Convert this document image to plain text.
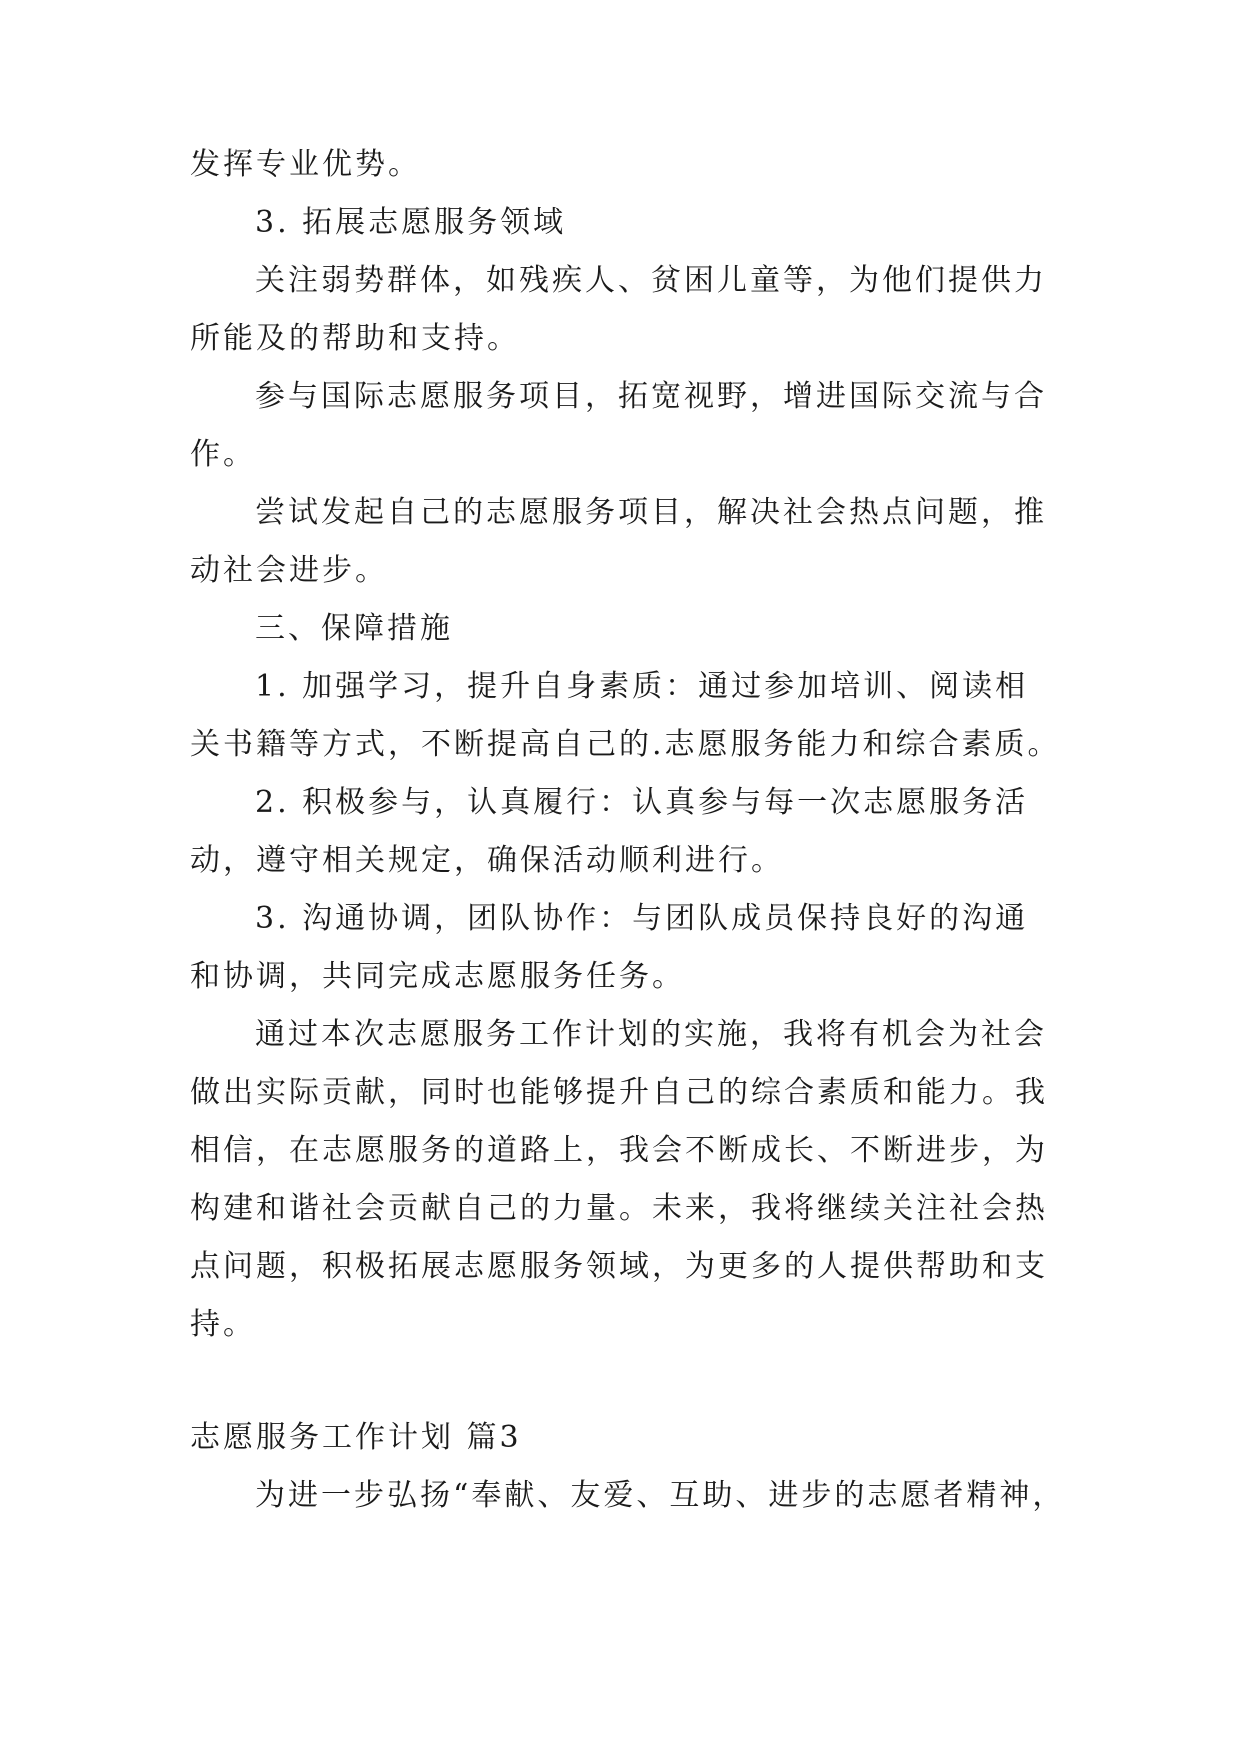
发挥专业优势。
3. 拓展志愿服务领域
关注弱势群体，如残疾人、贫困儿童等，为他们提供力
所能及的帮助和支持。
参与国际志愿服务项目，拓宽视野，增进国际交流与合
作。
尝试发起自己的志愿服务项目，解决社会热点问题，推
动社会进步。
三、保障措施
1. 加强学习，提升自身素质：通过参加培训、阅读相
关书籍等方式，不断提高自己的.志愿服务能力和综合素质。
2. 积极参与，认真履行：认真参与每一次志愿服务活
动，遵守相关规定，确保活动顺利进行。
3. 沟通协调，团队协作：与团队成员保持良好的沟通
和协调，共同完成志愿服务任务。
通过本次志愿服务工作计划的实施，我将有机会为社会
做出实际贡献，同时也能够提升自己的综合素质和能力。我
相信，在志愿服务的道路上，我会不断成长、不断进步，为
构建和谐社会贡献自己的力量。未来，我将继续关注社会热
点问题，积极拓展志愿服务领域，为更多的人提供帮助和支
持。
志愿服务工作计划 篇3
为进一步弘扬“奉献、友爱、互助、进步的志愿者精神，
